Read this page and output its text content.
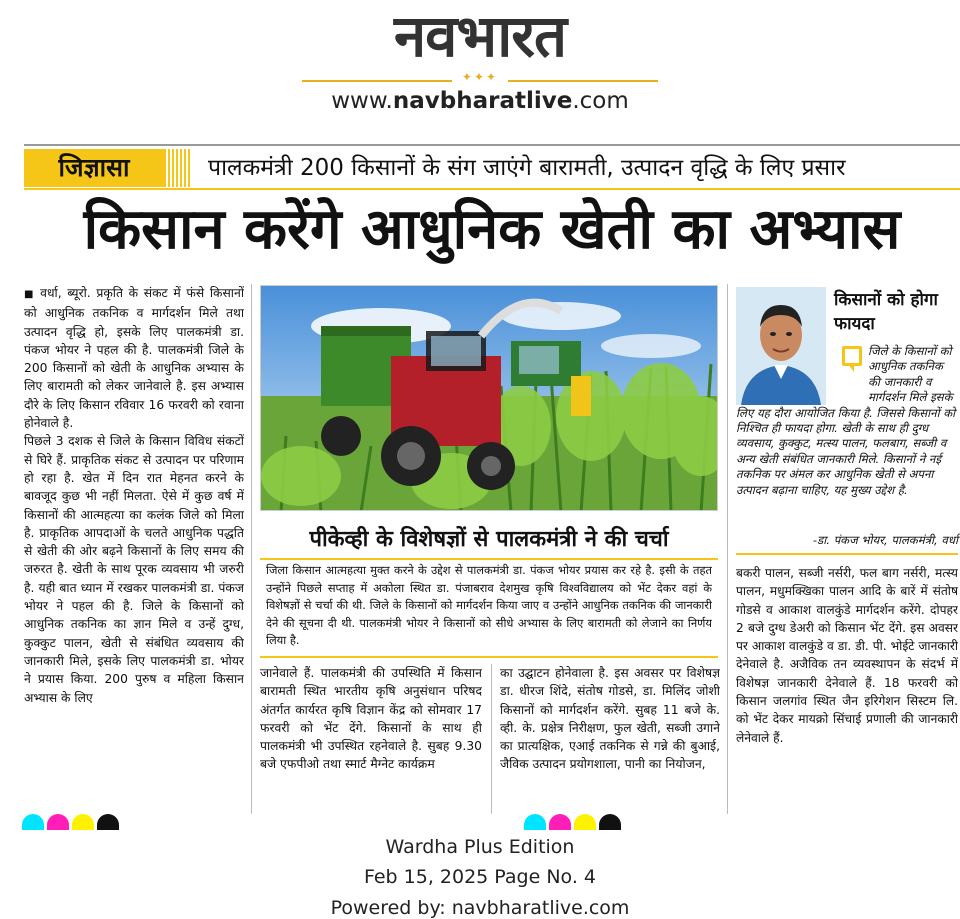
नवभारत
✦✦✦
www.navbharatlive.com
जिज्ञासा	पालकमंत्री 200 किसानों के संग जाएंगे बारामती, उत्पादन वृद्धि के लिए प्रसार
किसान करेंगे आधुनिक खेती का अभ्यास

■ वर्धा, ब्यूरो. प्रकृति के संकट में फंसे किसानों को आधुनिक तकनिक व मार्गदर्शन मिले तथा उत्पादन वृद्धि हो, इसके लिए पालकमंत्री डा. पंकज भोयर ने पहल की है. पालकमंत्री जिले के 200 किसानों को खेती के आधुनिक अभ्यास के लिए बारामती को लेकर जानेवाले है. इस अभ्यास दौरे के लिए किसान रविवार 16 फरवरी को रवाना होनेवाले है.

पिछले 3 दशक से जिले के किसान विविध संकटों से घिरे हैं. प्राकृतिक संकट से उत्पादन पर परिणाम हो रहा है. खेत में दिन रात मेहनत करने के बावजूद कुछ भी नहीं मिलता. ऐसे में कुछ वर्ष में किसानों की आत्महत्या का कलंक जिले को मिला है. प्राकृतिक आपदाओं के चलते आधुनिक पद्धति से खेती की ओर बढ़ने किसानों के लिए समय की जरुरत है. खेती के साथ पूरक व्यवसाय भी जरुरी है. यही बात ध्यान में रखकर पालकमंत्री डा. पंकज भोयर ने पहल की है. जिले के किसानों को आधुनिक तकनिक का ज्ञान मिले व उन्हें दुग्ध, कुक्कुट पालन, खेती से संबंधित व्यवसाय की जानकारी मिले, इसके लिए पालकमंत्री डा. भोयर ने प्रयास किया. 200 पुरुष व महिला किसान अभ्यास के लिए

पीकेव्ही के विशेषज्ञों से पालकमंत्री ने की चर्चा
जिला किसान आत्महत्या मुक्त करने के उद्देश से पालकमंत्री डा. पंकज भोयर प्रयास कर रहे है. इसी के तहत उन्होंने पिछले सप्ताह में अकोला स्थित डा. पंजाबराव देशमुख कृषि विश्वविद्यालय को भेंट देकर वहां के विशेषज्ञों से चर्चा की थी. जिले के किसानों को मार्गदर्शन किया जाए व उन्होंने आधुनिक तकनिक की जानकारी देने की सूचना दी थी. पालकमंत्री भोयर ने किसानों को सीधे अभ्यास के लिए बारामती को लेजाने का निर्णय लिया है.

जानेवाले हैं. पालकमंत्री की उपस्थिति में किसान बारामती स्थित भारतीय कृषि अनुसंधान परिषद अंतर्गत कार्यरत कृषि विज्ञान केंद्र को सोमवार 17 फरवरी को भेंट देंगे. किसानों के साथ ही पालकमंत्री भी उपस्थित रहनेवाले है. सुबह 9.30 बजे एफपीओ तथा स्मार्ट मैग्नेट कार्यक्रम

का उद्घाटन होनेवाला है. इस अवसर पर विशेषज्ञ डा. धीरज शिंदे, संतोष गोडसे, डा. मिलिंद जोशी किसानों को मार्गदर्शन करेंगे. सुबह 11 बजे के. व्ही. के. प्रक्षेत्र निरीक्षण, फुल खेती, सब्जी उगाने का प्रात्यक्षिक, एआई तकनिक से गन्ने की बुआई, जैविक उत्पादन प्रयोगशाला, पानी का नियोजन,

किसानों को होगा फायदा
जिले के किसानों को आधुनिक तकनिक की जानकारी व मार्गदर्शन मिले इसके लिए यह दौरा आयोजित किया है. जिससे किसानों को निश्चित ही फायदा होगा. खेती के साथ ही दुग्ध व्यवसाय, कुक्कुट, मत्स्य पालन, फलबाग, सब्जी व अन्य खेती संबंधित जानकारी मिले. किसानों ने नई तकनिक पर अंमल कर आधुनिक खेती से अपना उत्पादन बढ़ाना चाहिए, यह मुख्य उद्देश है.
-डा. पंकज भोयर, पालकमंत्री, वर्धा

बकरी पालन, सब्जी नर्सरी, फल बाग नर्सरी, मत्स्य पालन, मधुमक्खिका पालन आदि के बारें में संतोष गोडसे व आकाश वालकुंडे मार्गदर्शन करेंगे. दोपहर 2 बजे दुग्ध डेअरी को किसान भेंट देंगे. इस अवसर पर आकाश वालकुंडे व डा. डी. पी. भोईटे जानकारी देनेवाले है. अजैविक तन व्यवस्थापन के संदर्भ में विशेषज्ञ जानकारी देनेवाले हैं. 18 फरवरी को किसान जलगांव स्थित जैन इरिगेशन सिस्टम लि. को भेंट देकर मायक्रो सिंचाई प्रणाली की जानकारी लेनेवाले हैं.

Wardha Plus Edition
Feb 15, 2025 Page No. 4
Powered by: navbharatlive.com
